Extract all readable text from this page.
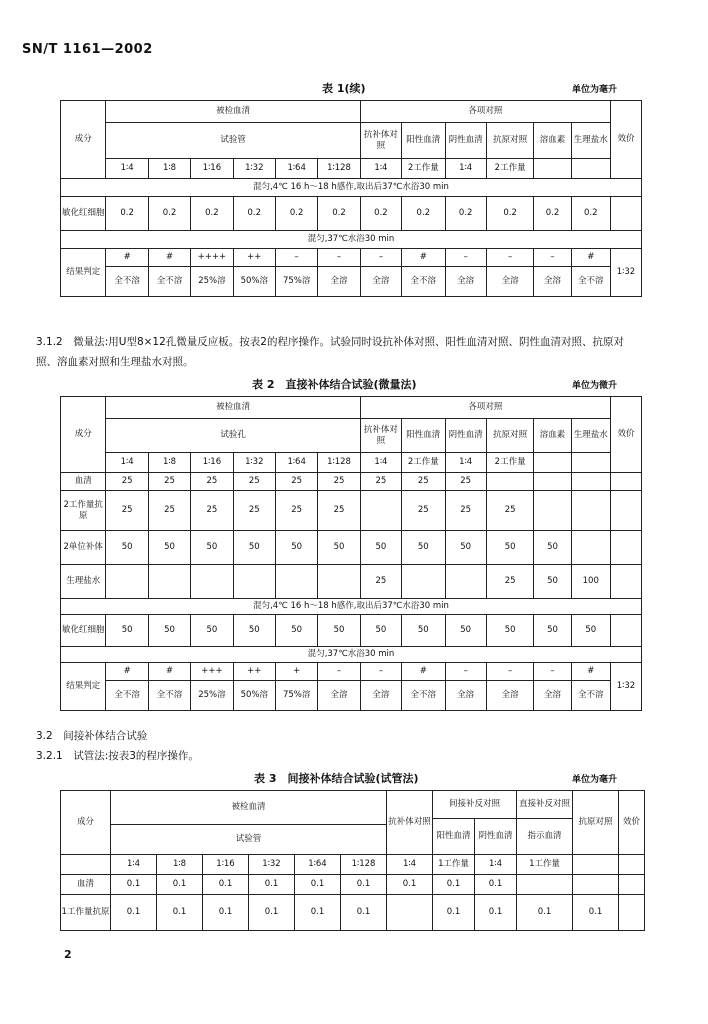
SN/T 1161—2002
表 1(续)	单位为毫升
成分	被检血清						各项对照						效价
	试验管						抗补体对照	阳性血清	阴性血清	抗原对照	溶血素	生理盐水	
	1∶4	1∶8	1∶16	1∶32	1∶64	1∶128	1∶4	2工作量	1∶4	2工作量			
混匀,4℃ 16 h～18 h感作,取出后37℃水浴30 min													
敏化红细胞	0.2	0.2	0.2	0.2	0.2	0.2	0.2	0.2	0.2	0.2	0.2	0.2	
混匀,37℃水浴30 min													
结果判定	#	#	++++	++	–	–	–	#	–	–	–	#	1∶32
	全不溶	全不溶	25%溶	50%溶	75%溶	全溶	全溶	全不溶	全溶	全溶	全溶	全不溶	
3.1.2　微量法:用U型8×12孔微量反应板。按表2的程序操作。试验同时设抗补体对照、阳性血清对照、阴性血清对照、抗原对照、溶血素对照和生理盐水对照。
表 2　直接补体结合试验(微量法)	单位为微升
成分	被检血清						各项对照						效价
	试验孔						抗补体对照	阳性血清	阴性血清	抗原对照	溶血素	生理盐水	
	1∶4	1∶8	1∶16	1∶32	1∶64	1∶128	1∶4	2工作量	1∶4	2工作量			
血清	25	25	25	25	25	25	25	25	25				
2工作量抗原	25	25	25	25	25	25		25	25	25			
2单位补体	50	50	50	50	50	50	50	50	50	50	50		
生理盐水							25			25	50	100	
混匀,4℃ 16 h～18 h感作,取出后37℃水浴30 min													
敏化红细胞	50	50	50	50	50	50	50	50	50	50	50	50	
混匀,37℃水浴30 min													
结果判定	#	#	+++	++	+	–	–	#	–	–	–	#	1∶32
	全不溶	全不溶	25%溶	50%溶	75%溶	全溶	全溶	全不溶	全溶	全溶	全溶	全不溶	
3.2　间接补体结合试验
3.2.1　试管法:按表3的程序操作。
表 3　间接补体结合试验(试管法)	单位为毫升
成分	被检血清						抗补体对照	间接补反对照		直接补反对照	抗原对照	效价
								阳性血清	阴性血清	指示血清		
	试验管											
	1∶4	1∶8	1∶16	1∶32	1∶64	1∶128	1∶4	1工作量	1∶4	1工作量		
血清	0.1	0.1	0.1	0.1	0.1	0.1	0.1	0.1	0.1			
1工作量抗原	0.1	0.1	0.1	0.1	0.1	0.1		0.1	0.1	0.1	0.1	
2
